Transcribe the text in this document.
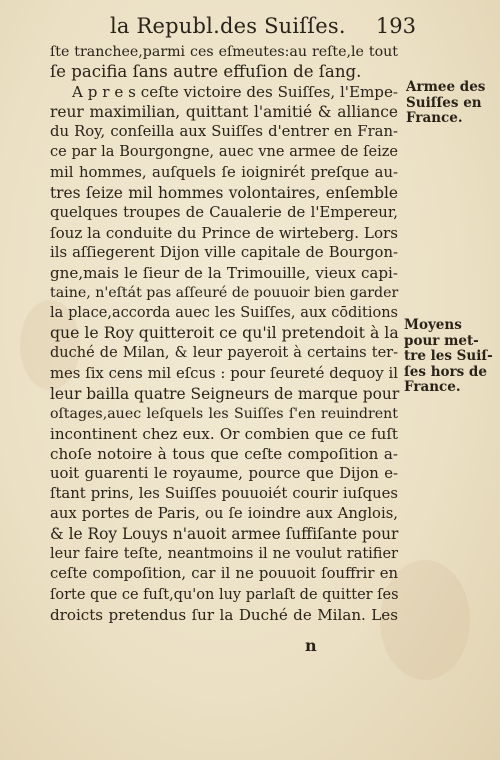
la Republ.des Suiſſes. 193
ſte tranchee,parmi ces eſmeutes:au reſte,le tout
ſe pacifia ſans autre effuſion de ſang.
A p r e s ceſte victoire des Suiſſes, l'Empe-
reur maximilian, quittant l'amitié & alliance
du Roy, conſeilla aux Suiſſes d'entrer en Fran-
ce par la Bourgongne, auec vne armee de ſeize
mil hommes, auſquels ſe ioignirét preſque au-
tres ſeize mil hommes volontaires, enſemble
quelques troupes de Caualerie de l'Empereur,
ſouz la conduite du Prince de wirteberg. Lors
ils aſſiegerent Dijon ville capitale de Bourgon-
gne,mais le ſieur de la Trimouille, vieux capi-
taine, n'eſtát pas aſſeuré de pouuoir bien garder
la place,accorda auec les Suiſſes, aux cōditions
que le Roy quitteroit ce qu'il pretendoit à la
duché de Milan, & leur payeroit à certains ter-
mes ſix cens mil eſcus : pour ſeureté dequoy il
leur bailla quatre Seigneurs de marque pour
oſtages,auec leſquels les Suiſſes ſ'en reuindrent
incontinent chez eux. Or combien que ce fuſt
choſe notoire à tous que ceſte compoſition a-
uoit guarenti le royaume, pource que Dijon e-
ſtant prins, les Suiſſes pouuoiét courir iuſques
aux portes de Paris, ou ſe ioindre aux Anglois,
& le Roy Louys n'auoit armee ſuffiſante pour
leur faire teſte, neantmoins il ne voulut ratifier
ceſte compoſition, car il ne pouuoit ſouffrir en
ſorte que ce fuſt,qu'on luy parlaſt de quitter ſes
droicts pretendus ſur la Duché de Milan. Les
Armee des
Suiſſes en
France.
Moyens
pour met-
tre les Suiſ-
ſes hors de
France.
n
